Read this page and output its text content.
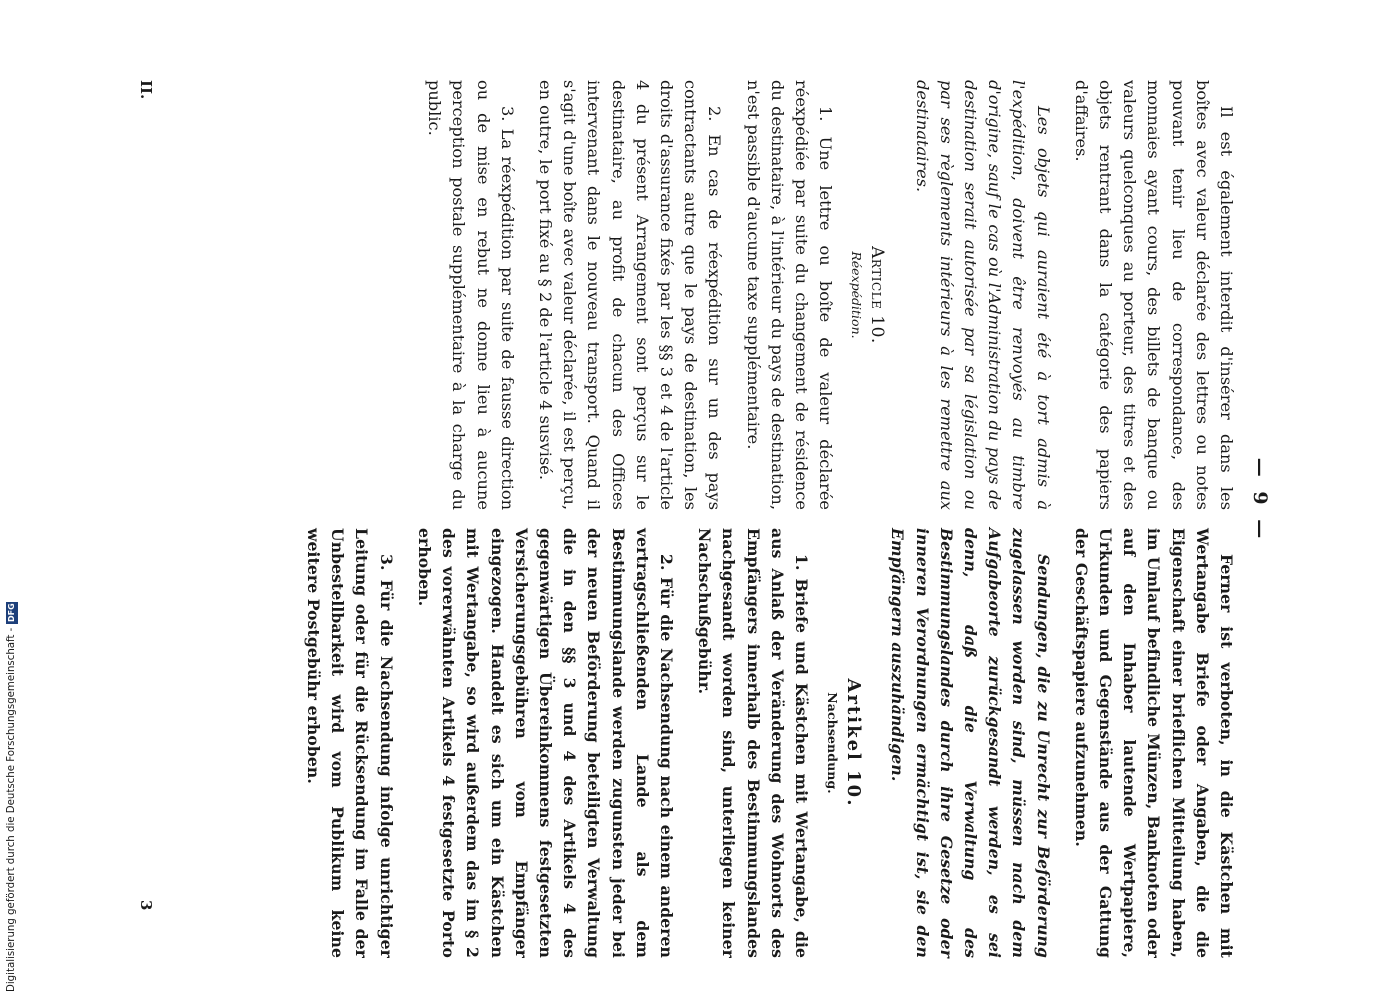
— 9 —

Il est également interdit d'insérer dans les boîtes avec valeur déclarée des lettres ou notes pouvant tenir lieu de correspondance, des monnaies ayant cours, des billets de banque ou valeurs quelconques au porteur, des titres et des objets rentrant dans la catégorie des papiers d'affaires.

Les objets qui auraient été à tort admis à l'expédition, doivent être renvoyés au timbre d'origine, sauf le cas où l'Administration du pays de destination serait autorisée par sa législation ou par ses règlements intérieurs à les remettre aux destinataires.

Article 10.
Réexpédition.

1. Une lettre ou boîte de valeur déclarée réexpédiée par suite du changement de résidence du destinataire, à l'intérieur du pays de destination, n'est passible d'aucune taxe supplémentaire.

2. En cas de réexpédition sur un des pays contractants autre que le pays de destination, les droits d'assurance fixés par les §§ 3 et 4 de l'article 4 du présent Arrangement sont perçus sur le destinataire, au profit de chacun des Offices intervenant dans le nouveau transport. Quand il s'agit d'une boîte avec valeur déclarée, il est perçu, en outre, le port fixé au § 2 de l'article 4 susvisé.

3. La réexpédition par suite de fausse direction ou de mise en rebut ne donne lieu à aucune perception postale supplémentaire à la charge du public.

Ferner ist verboten, in die Kästchen mit Wertangabe Briefe oder Angaben, die die Eigenschaft einer brieflichen Mitteilung haben, im Umlauf befindliche Münzen, Banknoten oder auf den Inhaber lautende Wertpapiere, Urkunden und Gegenstände aus der Gattung der Geschäftspapiere aufzunehmen.

Sendungen, die zu Unrecht zur Beförderung zugelassen worden sind, müssen nach dem Aufgabeorte zurückgesandt werden, es sei denn, daß die Verwaltung des Bestimmungslandes durch ihre Gesetze oder inneren Verordnungen ermächtigt ist, sie den Empfängern auszuhändigen.

Artikel 10.
Nachsendung.

1. Briefe und Kästchen mit Wertangabe, die aus Anlaß der Veränderung des Wohnorts des Empfängers innerhalb des Bestimmungslandes nachgesandt worden sind, unterliegen keiner Nachschußgebühr.

2. Für die Nachsendung nach einem anderen vertragschließenden Lande als dem Bestimmungslande werden zugunsten jeder bei der neuen Beförderung beteiligten Verwaltung die in den §§ 3 und 4 des Artikels 4 des gegenwärtigen Übereinkommens festgesetzten Versicherungsgebühren vom Empfänger eingezogen. Handelt es sich um ein Kästchen mit Wertangabe, so wird außerdem das im § 2 des vorerwähnten Artikels 4 festgesetzte Porto erhoben.

3. Für die Nachsendung infolge unrichtiger Leitung oder für die Rücksendung im Falle der Unbestellbarkeit wird vom Publikum keine weitere Postgebühr erhoben.

II.
3
Digitalisierung gefördert durch die Deutsche Forschungsgemeinschaft -
DFG
